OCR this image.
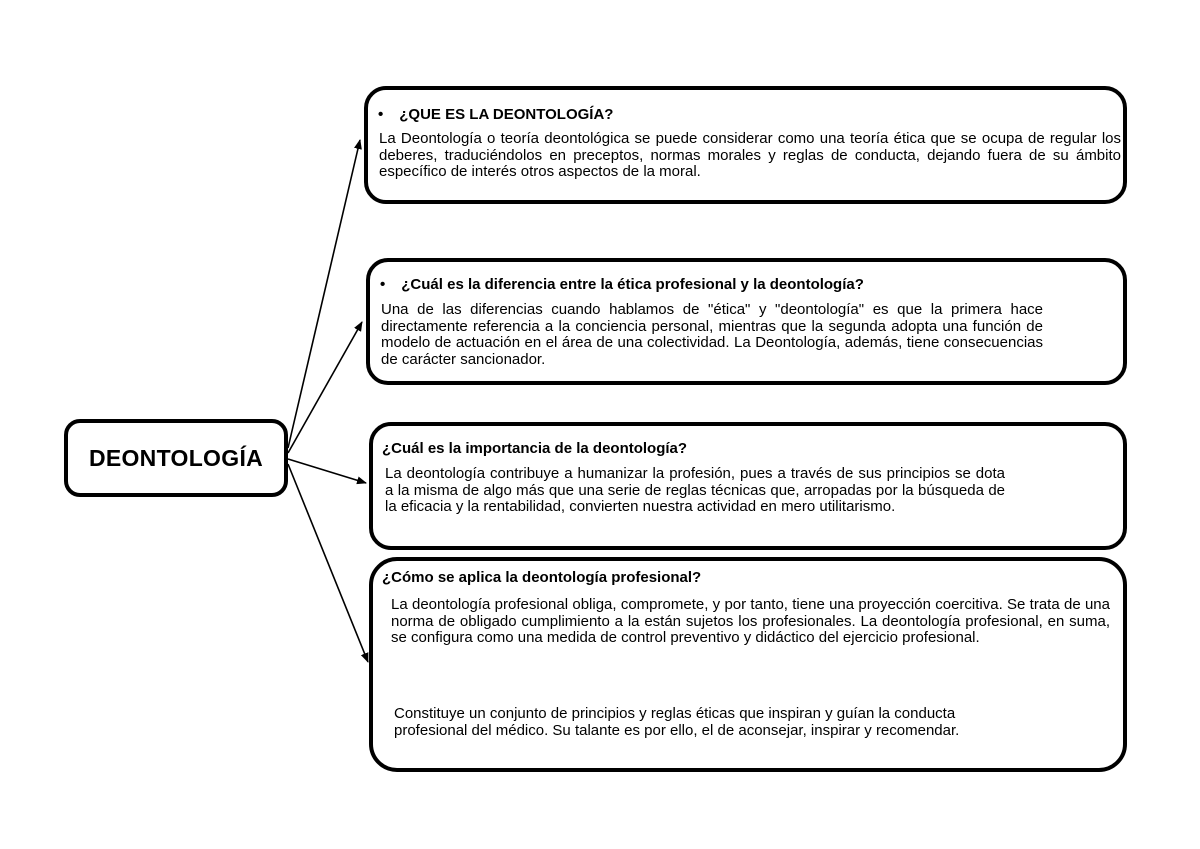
DEONTOLOGÍA
• ¿QUE ES LA DEONTOLOGÍA?
La Deontología o teoría deontológica se puede considerar como una teoría ética que se ocupa de regular los deberes, traduciéndolos en preceptos, normas morales y reglas de conducta, dejando fuera de su ámbito específico de interés otros aspectos de la moral.
• ¿Cuál es la diferencia entre la ética profesional y la deontología?
Una de las diferencias cuando hablamos de "ética" y "deontología" es que la primera hace directamente referencia a la conciencia personal, mientras que la segunda adopta una función de modelo de actuación en el área de una colectividad. La Deontología, además, tiene consecuencias de carácter sancionador.
¿Cuál es la importancia de la deontología?
La deontología contribuye a humanizar la profesión, pues a través de sus principios se dota a la misma de algo más que una serie de reglas técnicas que, arropadas por la búsqueda de la eficacia y la rentabilidad, convierten nuestra actividad en mero utilitarismo.
¿Cómo se aplica la deontología profesional?
La deontología profesional obliga, compromete, y por tanto, tiene una proyección coercitiva. Se trata de una norma de obligado cumplimiento a la están sujetos los profesionales. La deontología profesional, en suma, se configura como una medida de control preventivo y didáctico del ejercicio profesional.
Constituye un conjunto de principios y reglas éticas que inspiran y guían la conducta profesional del médico. Su talante es por ello, el de aconsejar, inspirar y recomendar.
